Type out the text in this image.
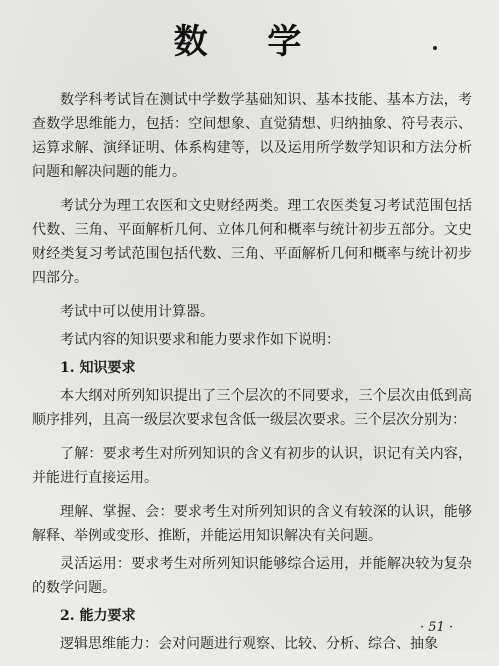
数 学

数学科考试旨在测试中学数学基础知识、基本技能、基本方法，考查数学思维能力，包括：空间想象、直觉猜想、归纳抽象、符号表示、运算求解、演绎证明、体系构建等，以及运用所学数学知识和方法分析问题和解决问题的能力。

考试分为理工农医和文史财经两类。理工农医类复习考试范围包括代数、三角、平面解析几何、立体几何和概率与统计初步五部分。文史财经类复习考试范围包括代数、三角、平面解析几何和概率与统计初步四部分。

考试中可以使用计算器。

考试内容的知识要求和能力要求作如下说明：

1. 知识要求

本大纲对所列知识提出了三个层次的不同要求，三个层次由低到高顺序排列，且高一级层次要求包含低一级层次要求。三个层次分别为：

了解：要求考生对所列知识的含义有初步的认识，识记有关内容，并能进行直接运用。

理解、掌握、会：要求考生对所列知识的含义有较深的认识，能够解释、举例或变形、推断，并能运用知识解决有关问题。

灵活运用：要求考生对所列知识能够综合运用，并能解决较为复杂的数学问题。

2. 能力要求

逻辑思维能力：会对问题进行观察、比较、分析、综合、抽象

· 51 ·
